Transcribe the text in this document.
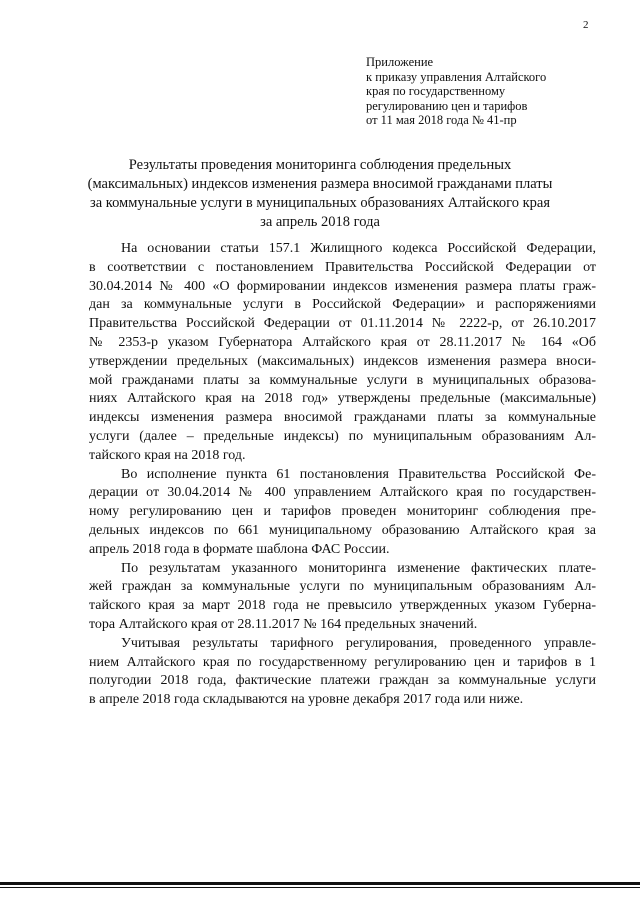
2
Приложение
к приказу управления Алтайского
края по государственному
регулированию цен и тарифов
от 11 мая 2018 года № 41-пр
Результаты проведения мониторинга соблюдения предельных
(максимальных) индексов изменения размера вносимой гражданами платы
за коммунальные услуги в муниципальных образованиях Алтайского края
за апрель 2018 года
На основании статьи 157.1 Жилищного кодекса Российской Федерации,
в соответствии с постановлением Правительства Российской Федерации от
30.04.2014 № 400 «О формировании индексов изменения размера платы граж-
дан за коммунальные услуги в Российской Федерации» и распоряжениями
Правительства Российской Федерации от 01.11.2014 № 2222-р, от 26.10.2017
№ 2353-р указом Губернатора Алтайского края от 28.11.2017 № 164 «Об
утверждении предельных (максимальных) индексов изменения размера вноси-
мой гражданами платы за коммунальные услуги в муниципальных образова-
ниях Алтайского края на 2018 год» утверждены предельные (максимальные)
индексы изменения размера вносимой гражданами платы за коммунальные
услуги (далее – предельные индексы) по муниципальным образованиям Ал-
тайского края на 2018 год.
Во исполнение пункта 61 постановления Правительства Российской Фе-
дерации от 30.04.2014 № 400 управлением Алтайского края по государствен-
ному регулированию цен и тарифов проведен мониторинг соблюдения пре-
дельных индексов по 661 муниципальному образованию Алтайского края за
апрель 2018 года в формате шаблона ФАС России.
По результатам указанного мониторинга изменение фактических плате-
жей граждан за коммунальные услуги по муниципальным образованиям Ал-
тайского края за март 2018 года не превысило утвержденных указом Губерна-
тора Алтайского края от 28.11.2017 № 164 предельных значений.
Учитывая результаты тарифного регулирования, проведенного управле-
нием Алтайского края по государственному регулированию цен и тарифов в 1
полугодии 2018 года, фактические платежи граждан за коммунальные услуги
в апреле 2018 года складываются на уровне декабря 2017 года или ниже.
